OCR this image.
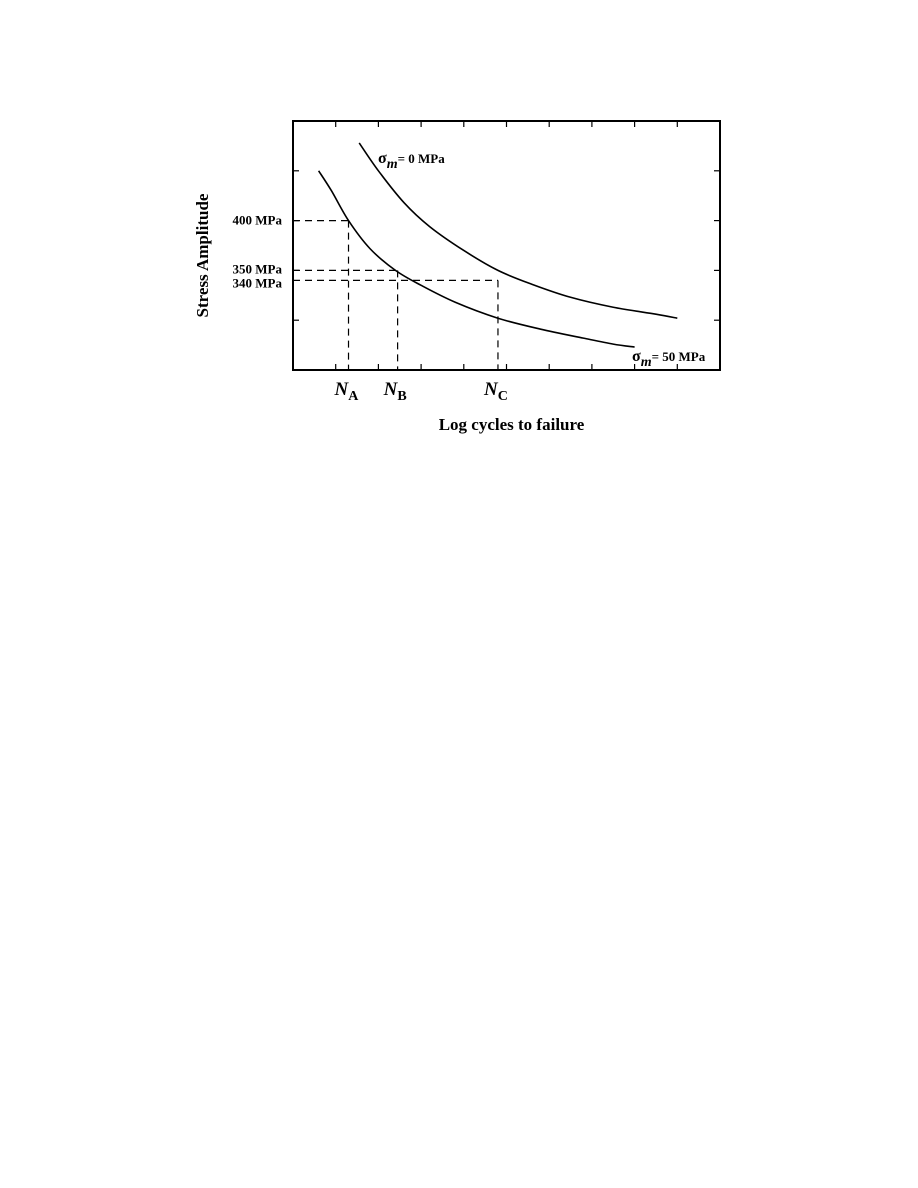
$N_A$ $N_B$	$N_C$
σm= 0 MPa
σm= 50 MPa
400 MPa
350 MPa
340 MPa
Log cycles to failure
Stress Amplitude
